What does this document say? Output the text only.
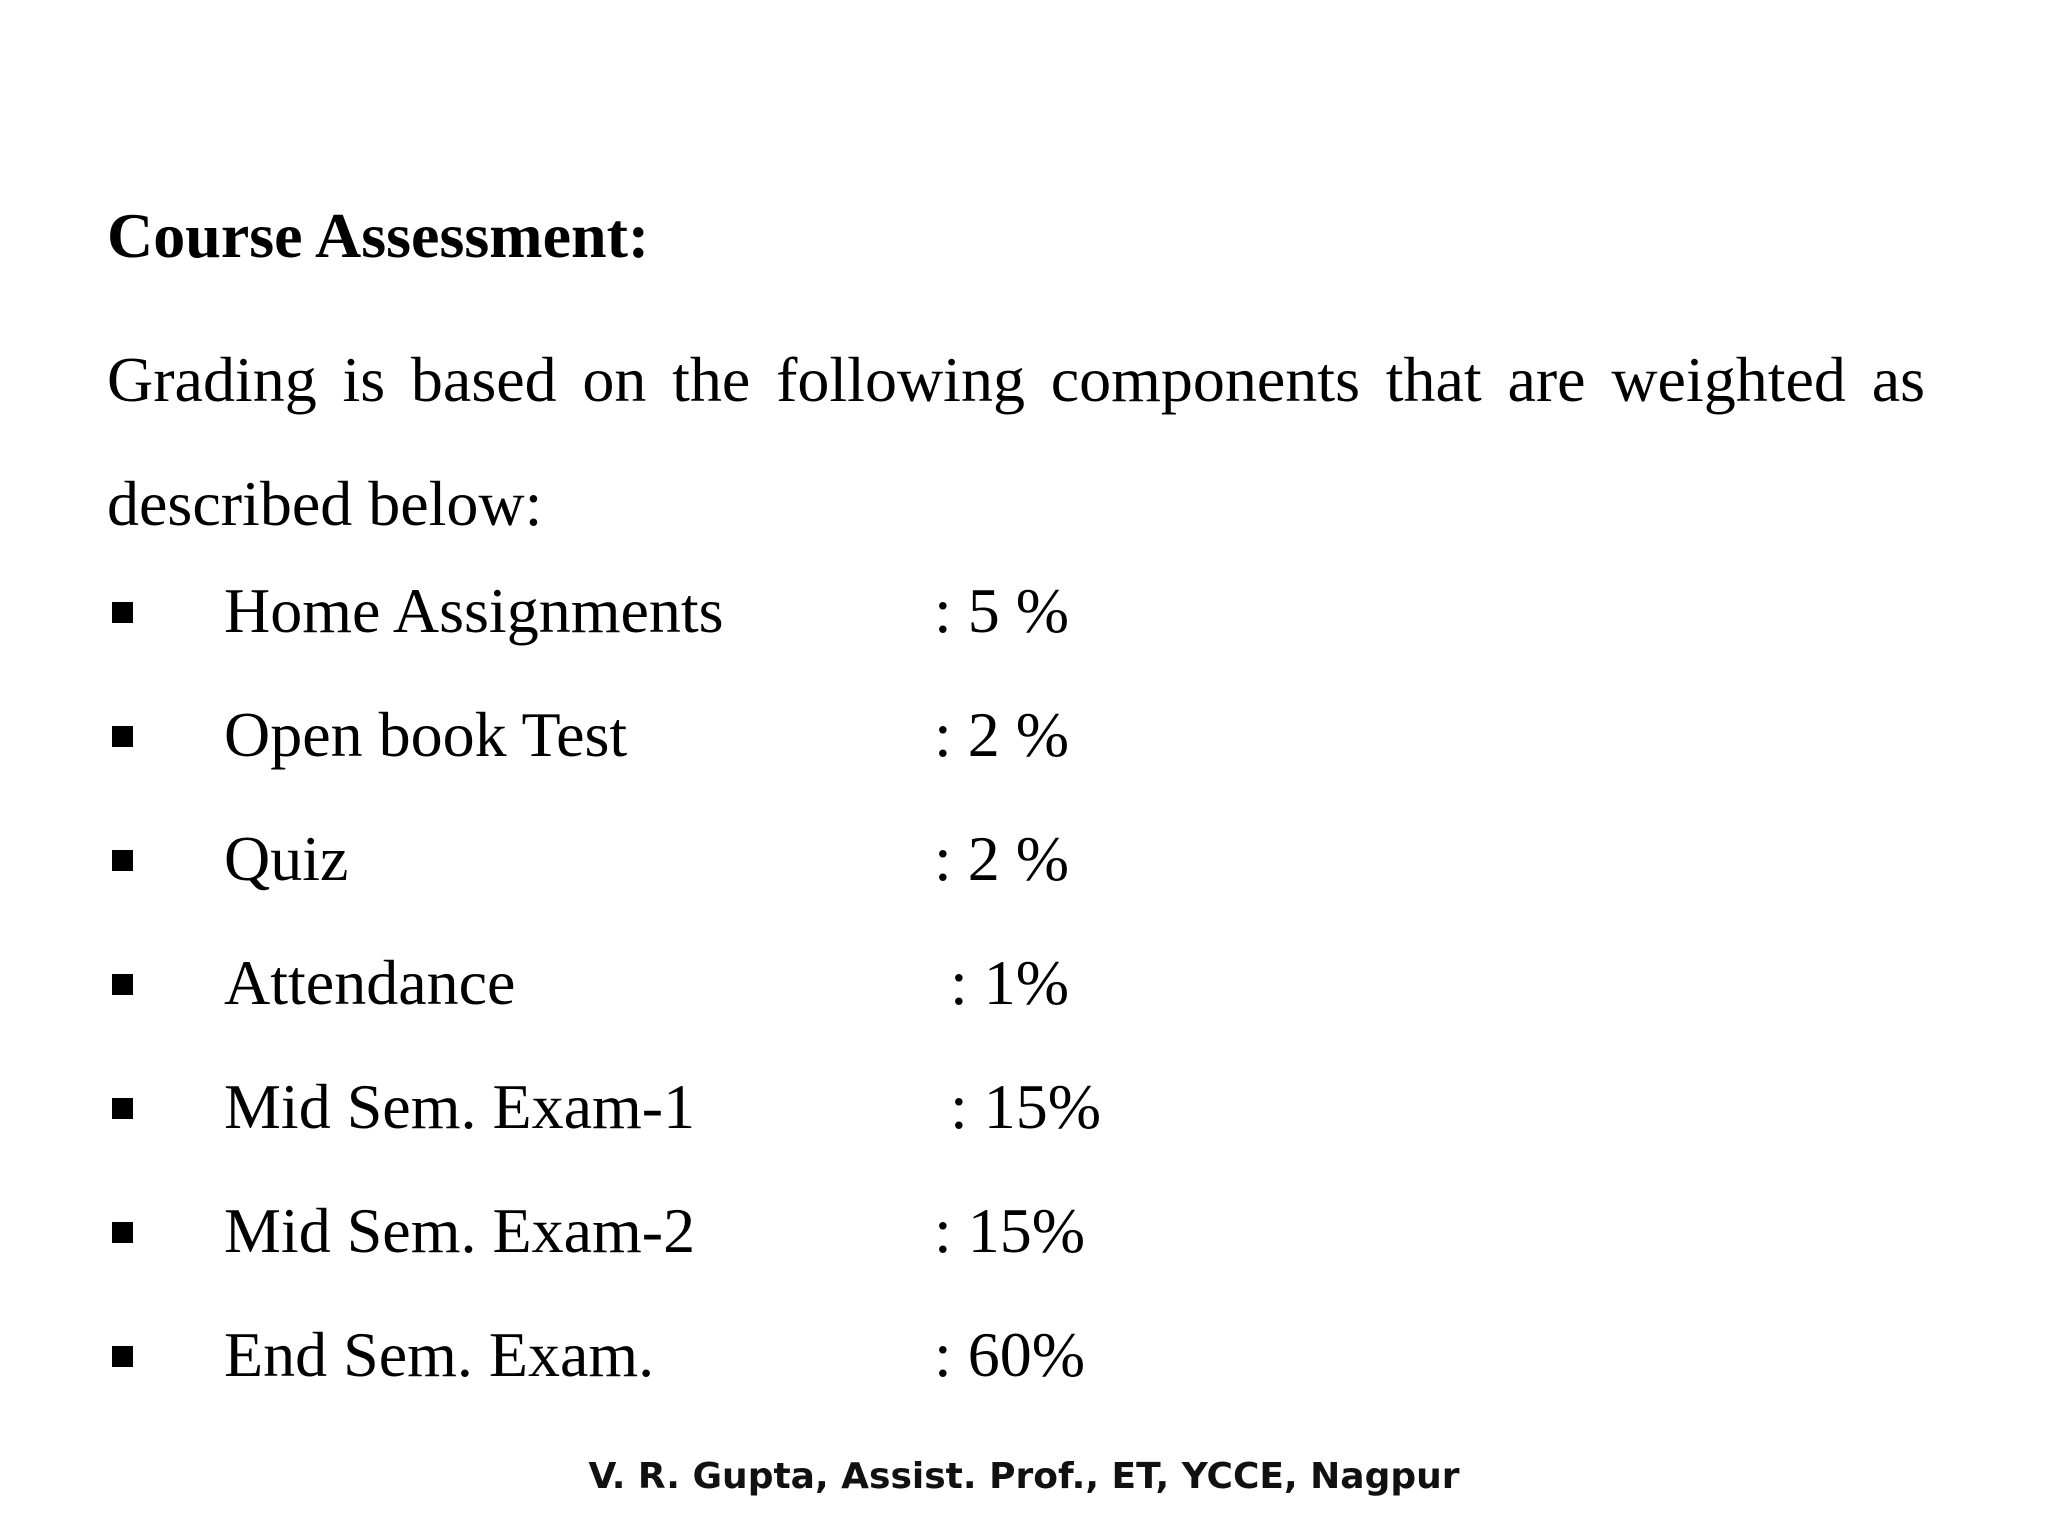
Course Assessment:
Grading is based on the following components that are weighted as described below:
Home Assignments	: 5 %
Open book Test	: 2 %
Quiz	: 2 %
Attendance	: 1%
Mid Sem. Exam-1	: 15%
Mid Sem. Exam-2	: 15%
End Sem. Exam.	: 60%
V. R. Gupta, Assist. Prof., ET, YCCE, Nagpur
